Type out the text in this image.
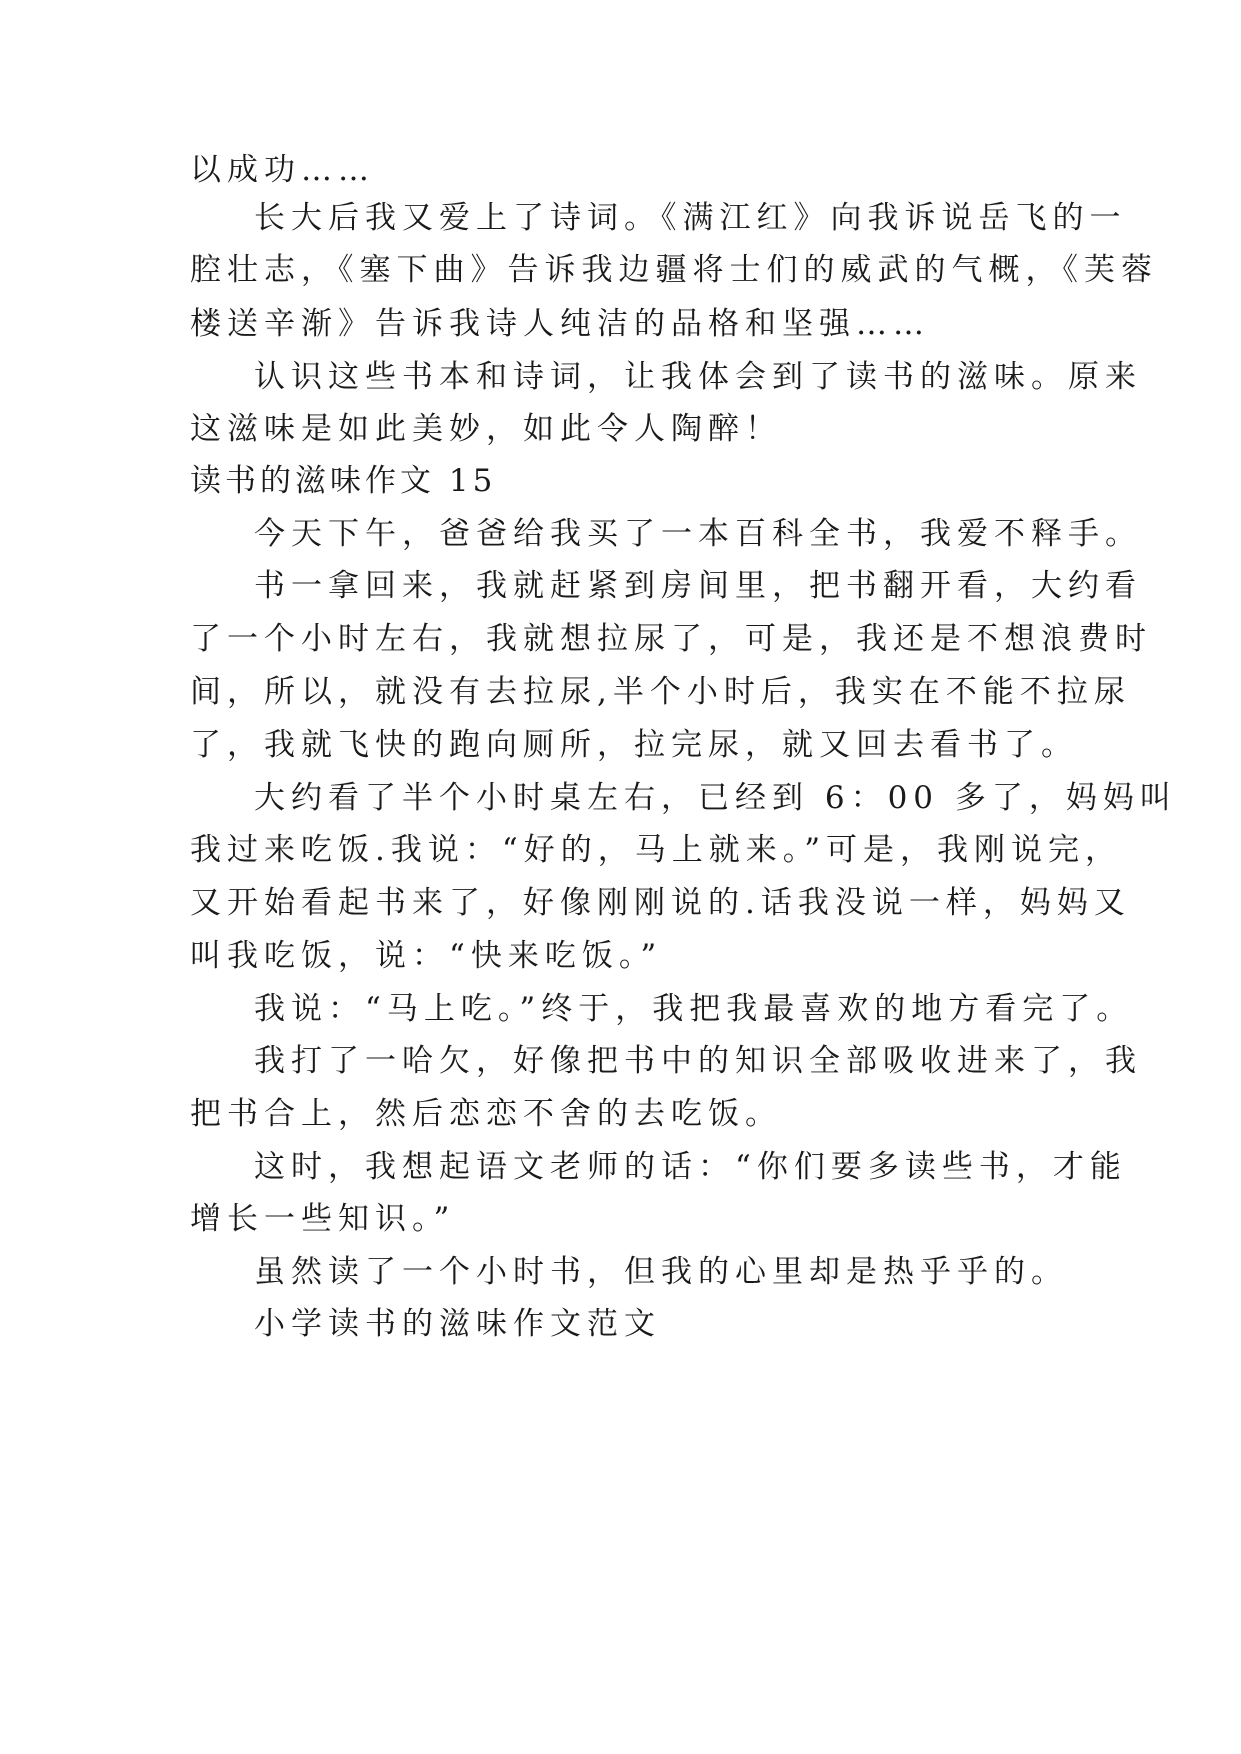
以成功……
长大后我又爱上了诗词。《满江红》向我诉说岳飞的一
腔壮志，《塞下曲》告诉我边疆将士们的威武的气概，《芙蓉
楼送辛渐》告诉我诗人纯洁的品格和坚强……
认识这些书本和诗词，让我体会到了读书的滋味。原来
这滋味是如此美妙，如此令人陶醉！
读书的滋味作文 15
今天下午，爸爸给我买了一本百科全书，我爱不释手。
书一拿回来，我就赶紧到房间里，把书翻开看，大约看
了一个小时左右，我就想拉尿了，可是，我还是不想浪费时
间，所以，就没有去拉尿,半个小时后，我实在不能不拉尿
了，我就飞快的跑向厕所，拉完尿，就又回去看书了。
大约看了半个小时桌左右，已经到 6：00 多了，妈妈叫
我过来吃饭.我说：“好的，马上就来。”可是，我刚说完，
又开始看起书来了，好像刚刚说的.话我没说一样，妈妈又
叫我吃饭，说：“快来吃饭。”
我说：“马上吃。”终于，我把我最喜欢的地方看完了。
我打了一哈欠，好像把书中的知识全部吸收进来了，我
把书合上，然后恋恋不舍的去吃饭。
这时，我想起语文老师的话：“你们要多读些书，才能
增长一些知识。”
虽然读了一个小时书，但我的心里却是热乎乎的。
小学读书的滋味作文范文
